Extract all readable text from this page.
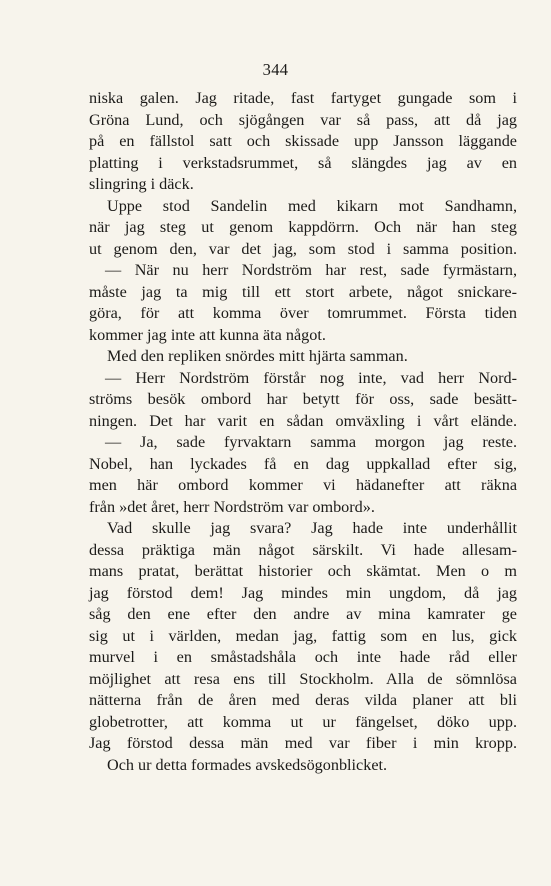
344
niska galen. Jag ritade, fast fartyget gungade som i
Gröna Lund, och sjögången var så pass, att då jag
på en fällstol satt och skissade upp Jansson läggande
platting i verkstadsrummet, så slängdes jag av en
slingring i däck.
Uppe stod Sandelin med kikarn mot Sandhamn,
när jag steg ut genom kappdörrn. Och när han steg
ut genom den, var det jag, som stod i samma position.
— När nu herr Nordström har rest, sade fyrmästarn,
måste jag ta mig till ett stort arbete, något snickare-
göra, för att komma över tomrummet. Första tiden
kommer jag inte att kunna äta något.
Med den repliken snördes mitt hjärta samman.
— Herr Nordström förstår nog inte, vad herr Nord-
ströms besök ombord har betytt för oss, sade besätt-
ningen. Det har varit en sådan omväxling i vårt elände.
— Ja, sade fyrvaktarn samma morgon jag reste.
Nobel, han lyckades få en dag uppkallad efter sig,
men här ombord kommer vi hädanefter att räkna
från »det året, herr Nordström var ombord».
Vad skulle jag svara? Jag hade inte underhållit
dessa präktiga män något särskilt. Vi hade allesam-
mans pratat, berättat historier och skämtat. Men o m
jag förstod dem! Jag mindes min ungdom, då jag
såg den ene efter den andre av mina kamrater ge
sig ut i världen, medan jag, fattig som en lus, gick
murvel i en småstadshåla och inte hade råd eller
möjlighet att resa ens till Stockholm. Alla de sömnlösa
nätterna från de åren med deras vilda planer att bli
globetrotter, att komma ut ur fängelset, döko upp.
Jag förstod dessa män med var fiber i min kropp.
Och ur detta formades avskedsögonblicket.
